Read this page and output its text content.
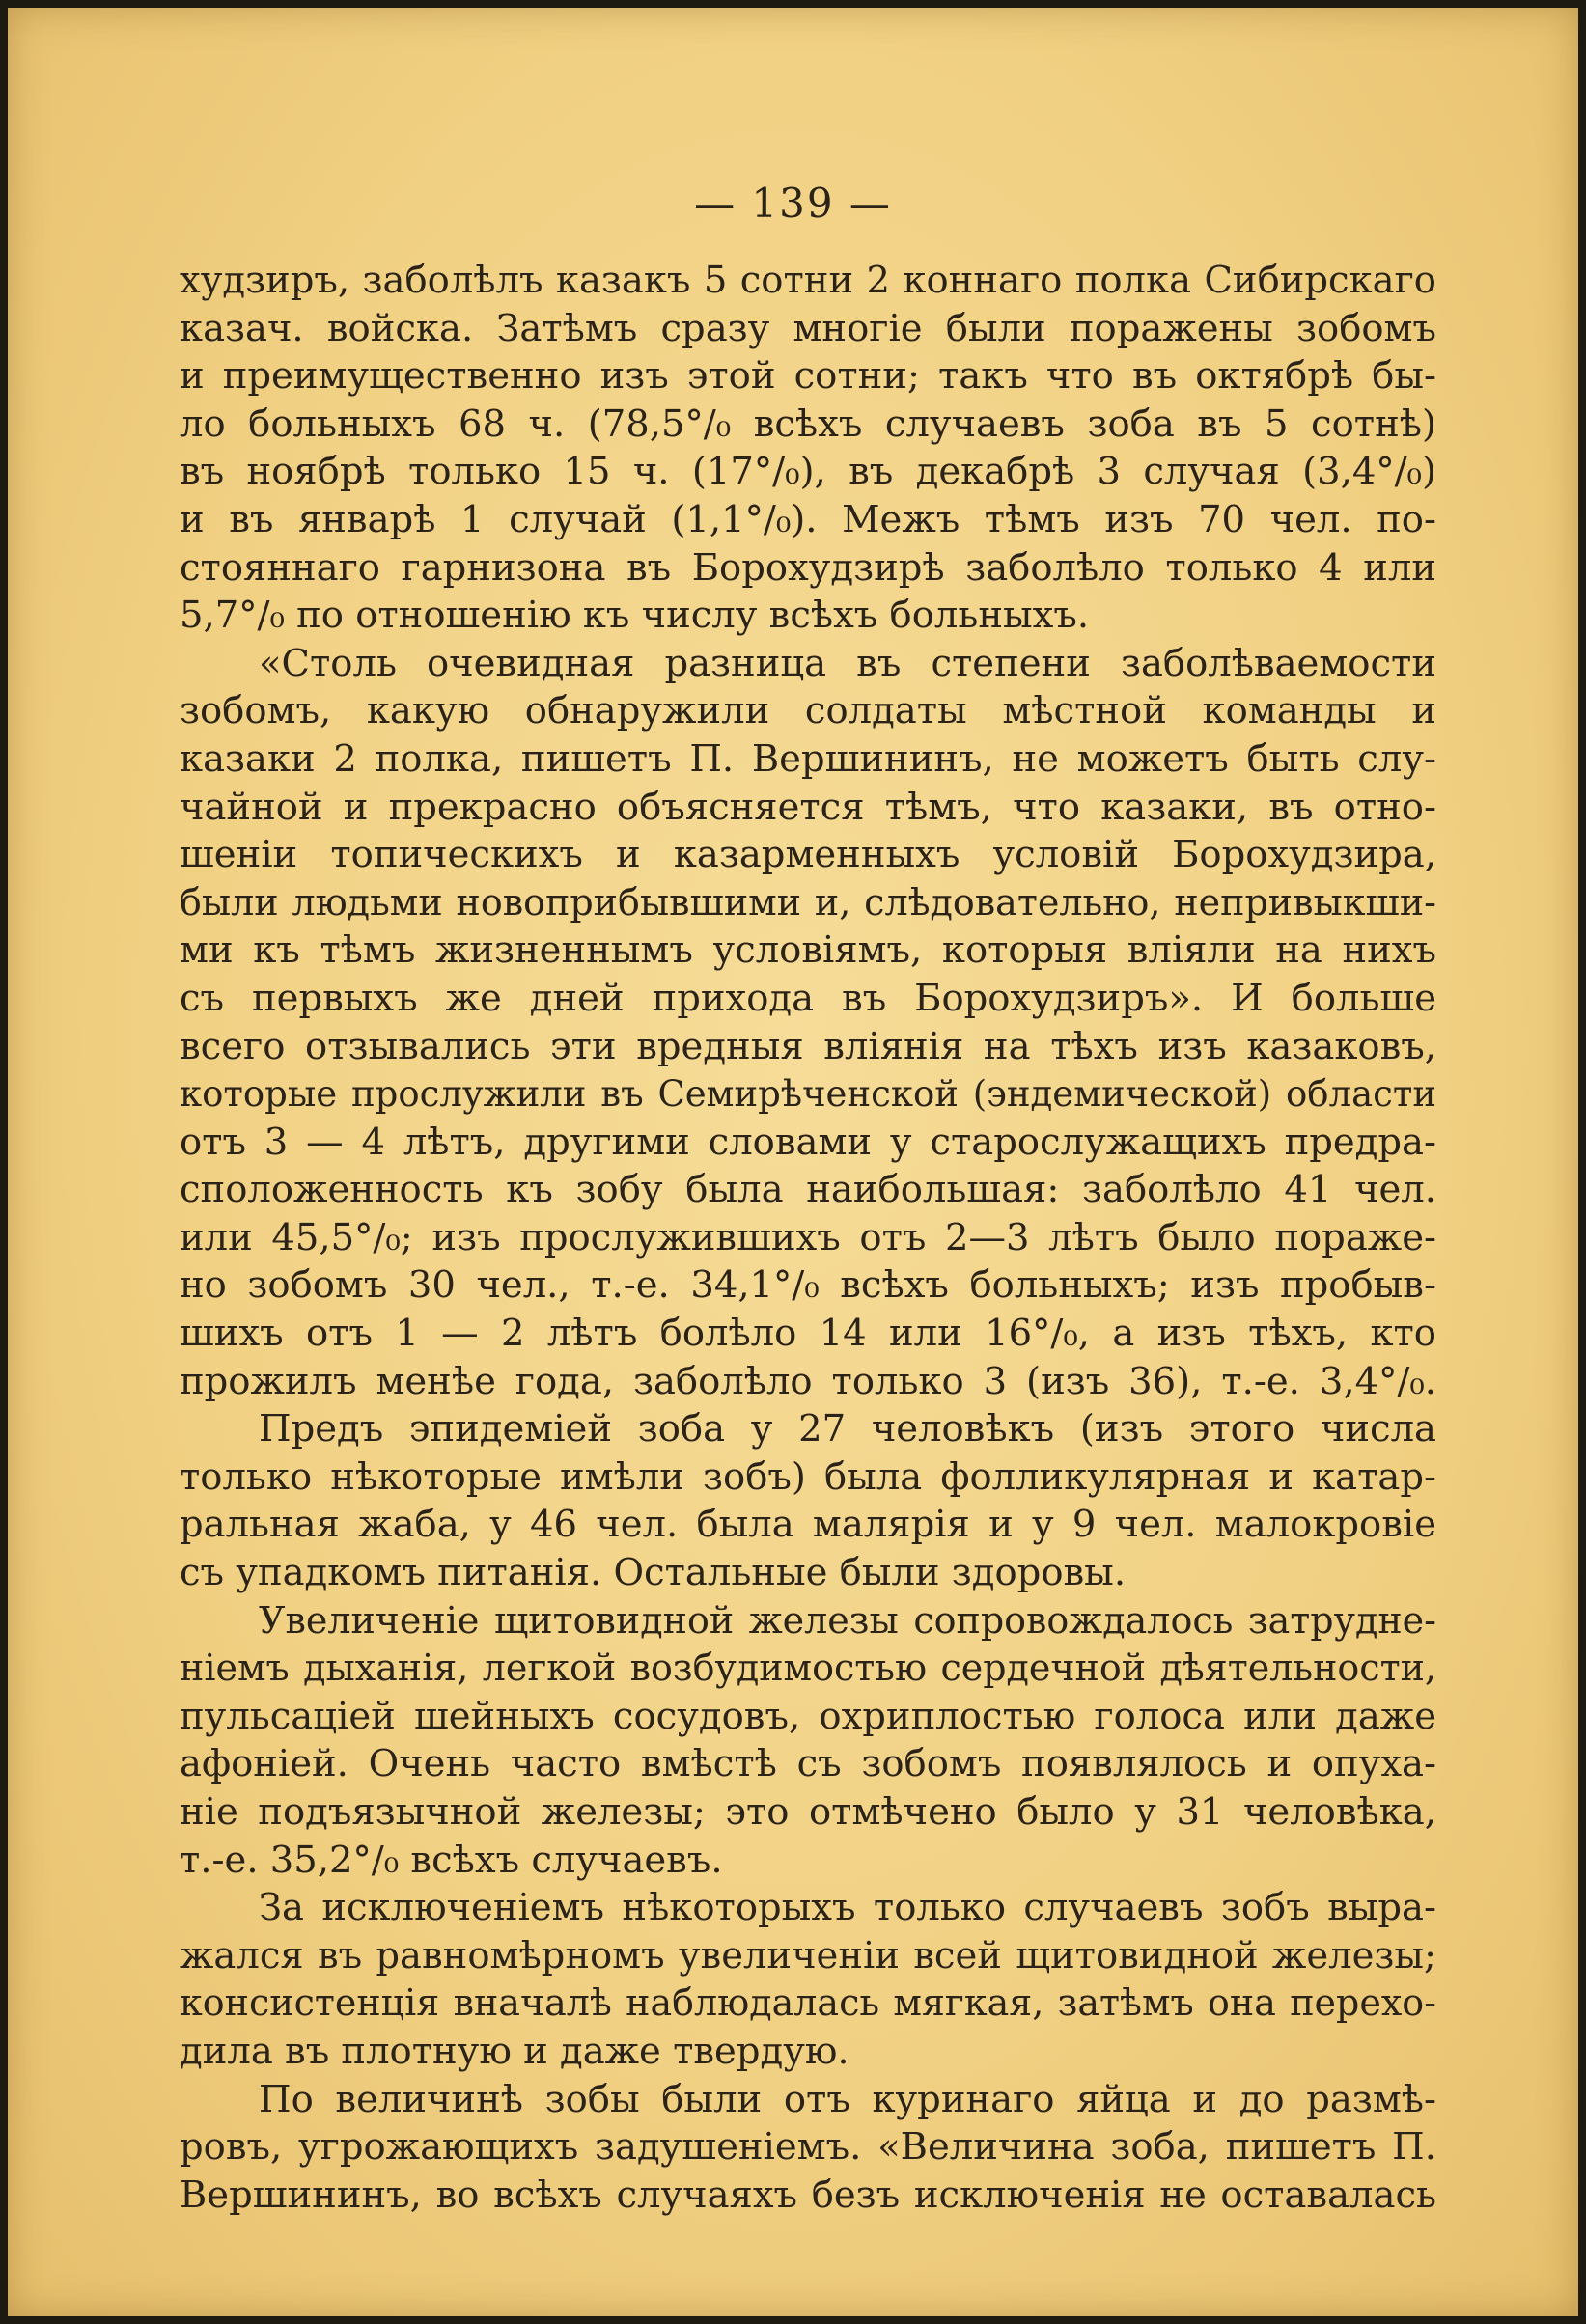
— 139 —
худзиръ, заболѣлъ казакъ 5 сотни 2 коннаго полка Сибирскаго
казач. войска. Затѣмъ сразу многіе были поражены зобомъ
и преимущественно изъ этой сотни; такъ что въ октябрѣ бы-
ло больныхъ 68 ч. (78,5°/₀ всѣхъ случаевъ зоба въ 5 сотнѣ)
въ ноябрѣ только 15 ч. (17°/₀), въ декабрѣ 3 случая (3,4°/₀)
и въ январѣ 1 случай (1,1°/₀). Межъ тѣмъ изъ 70 чел. по-
стояннаго гарнизона въ Борохудзирѣ заболѣло только 4 или
5,7°/₀ по отношенію къ числу всѣхъ больныхъ.
«Столь очевидная разница въ степени заболѣваемости
зобомъ, какую обнаружили солдаты мѣстной команды и
казаки 2 полка, пишетъ П. Вершининъ, не можетъ быть слу-
чайной и прекрасно объясняется тѣмъ, что казаки, въ отно-
шеніи топическихъ и казарменныхъ условій Борохудзира,
были людьми новоприбывшими и, слѣдовательно, непривыкши-
ми къ тѣмъ жизненнымъ условіямъ, которыя вліяли на нихъ
съ первыхъ же дней прихода въ Борохудзиръ». И больше
всего отзывались эти вредныя вліянія на тѣхъ изъ казаковъ,
которые прослужили въ Семирѣченской (эндемической) области
отъ 3 — 4 лѣтъ, другими словами у старослужащихъ предра-
сположенность къ зобу была наибольшая: заболѣло 41 чел.
или 45,5°/₀; изъ прослужившихъ отъ 2—3 лѣтъ было пораже-
но зобомъ 30 чел., т.-е. 34,1°/₀ всѣхъ больныхъ; изъ пробыв-
шихъ отъ 1 — 2 лѣтъ болѣло 14 или 16°/₀, а изъ тѣхъ, кто
прожилъ менѣе года, заболѣло только 3 (изъ 36), т.-е. 3,4°/₀.
Предъ эпидеміей зоба у 27 человѣкъ (изъ этого числа
только нѣкоторые имѣли зобъ) была фолликулярная и катар-
ральная жаба, у 46 чел. была малярія и у 9 чел. малокровіе
съ упадкомъ питанія. Остальные были здоровы.
Увеличеніе щитовидной железы сопровождалось затрудне-
ніемъ дыханія, легкой возбудимостью сердечной дѣятельности,
пульсаціей шейныхъ сосудовъ, охриплостью голоса или даже
афоніей. Очень часто вмѣстѣ съ зобомъ появлялось и опуха-
ніе подъязычной железы; это отмѣчено было у 31 человѣка,
т.-е. 35,2°/₀ всѣхъ случаевъ.
За исключеніемъ нѣкоторыхъ только случаевъ зобъ выра-
жался въ равномѣрномъ увеличеніи всей щитовидной железы;
консистенція вначалѣ наблюдалась мягкая, затѣмъ она перехо-
дила въ плотную и даже твердую.
По величинѣ зобы были отъ куринаго яйца и до размѣ-
ровъ, угрожающихъ задушеніемъ. «Величина зоба, пишетъ П.
Вершининъ, во всѣхъ случаяхъ безъ исключенія не оставалась
